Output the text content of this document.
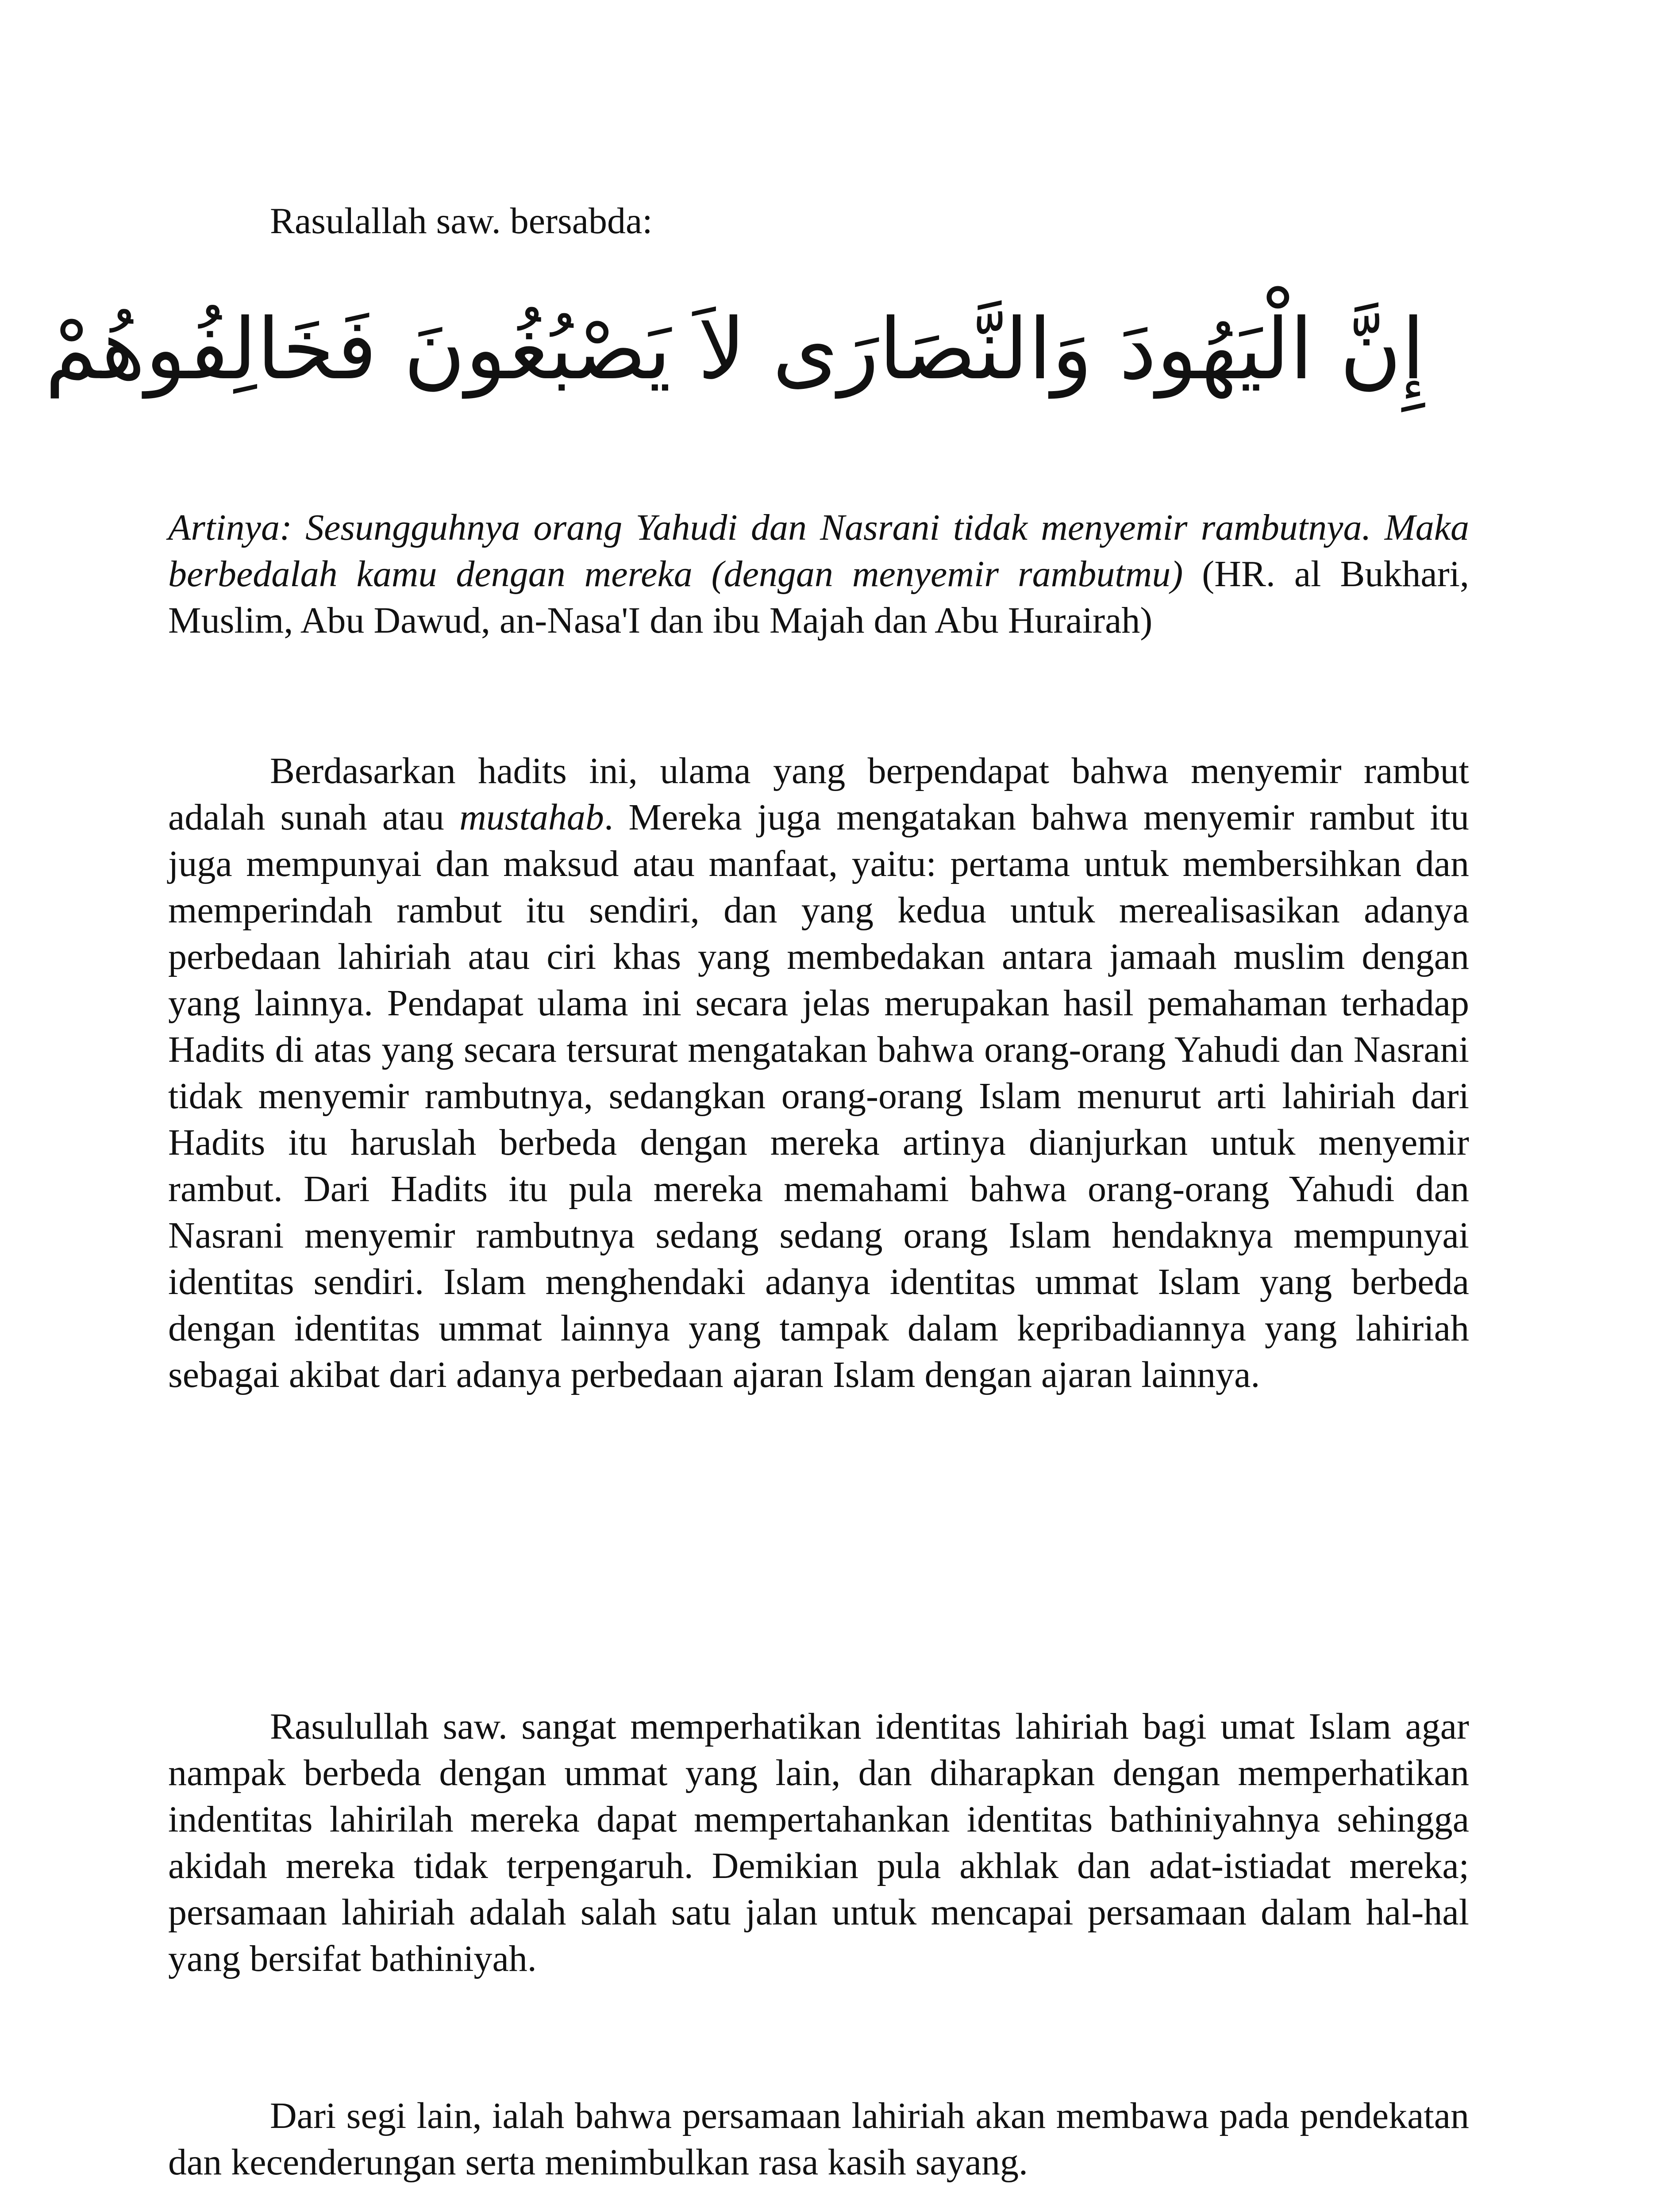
Rasulallah saw. bersabda:

إِنَّ الْيَهُودَ وَالنَّصَارَى لاَ يَصْبُغُونَ فَخَالِفُوهُمْ

Artinya: Sesungguhnya orang Yahudi dan Nasrani tidak menyemir rambutnya. Maka berbedalah kamu dengan mereka (dengan menyemir rambutmu) (HR. al Bukhari, Muslim, Abu Dawud, an-Nasa'I dan ibu Majah dan Abu Hurairah)

Berdasarkan hadits ini, ulama yang berpendapat bahwa menyemir rambut adalah sunah atau mustahab. Mereka juga mengatakan bahwa menyemir rambut itu juga mempunyai dan maksud atau manfaat, yaitu: pertama untuk membersihkan dan memperindah rambut itu sendiri, dan yang kedua untuk merealisasikan adanya perbedaan lahiriah atau ciri khas yang membedakan antara jamaah muslim dengan yang lainnya. Pendapat ulama ini secara jelas merupakan hasil pemahaman terhadap Hadits di atas yang secara tersurat mengatakan bahwa orang-orang Yahudi dan Nasrani tidak menyemir rambutnya, sedangkan orang-orang Islam menurut arti lahiriah dari Hadits itu haruslah berbeda dengan mereka artinya dianjurkan untuk menyemir rambut. Dari Hadits itu pula mereka memahami bahwa orang-orang Yahudi dan Nasrani menyemir rambutnya sedang sedang orang Islam hendaknya mempunyai identitas sendiri. Islam menghendaki adanya identitas ummat Islam yang berbeda dengan identitas ummat lainnya yang tampak dalam kepribadiannya yang lahiriah sebagai akibat dari adanya perbedaan ajaran Islam dengan ajaran lainnya.

Rasulullah saw. sangat memperhatikan identitas lahiriah bagi umat Islam agar nampak berbeda dengan ummat yang lain, dan diharapkan dengan memperhatikan indentitas lahirilah mereka dapat mempertahankan identitas bathiniyahnya sehingga akidah mereka tidak terpengaruh. Demikian pula akhlak dan adat-istiadat mereka; persamaan lahiriah adalah salah satu jalan untuk mencapai persamaan dalam hal-hal yang bersifat bathiniyah.

Dari segi lain, ialah bahwa persamaan lahiriah akan membawa pada pendekatan dan kecenderungan serta menimbulkan rasa kasih sayang.
